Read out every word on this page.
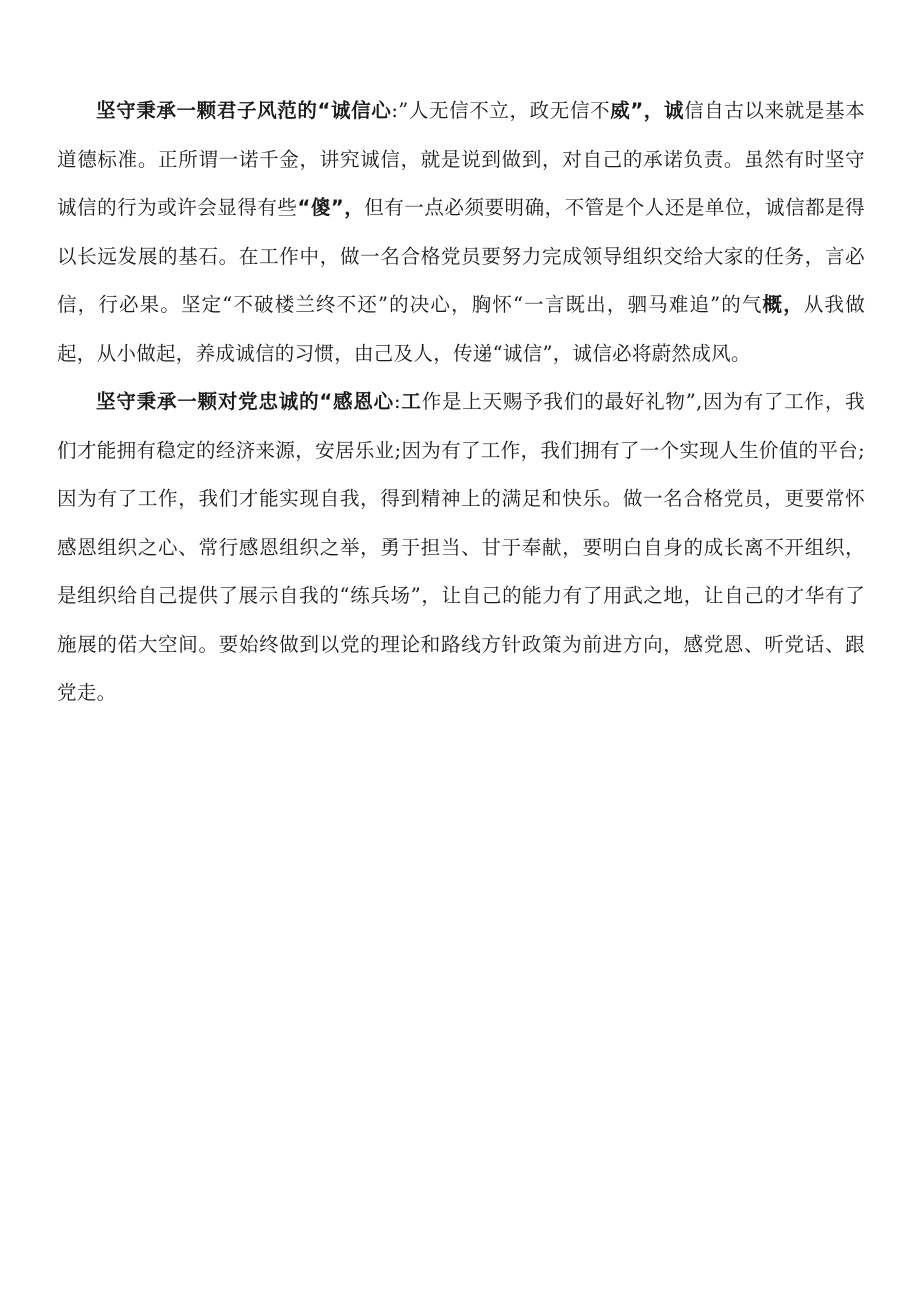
坚守秉承一颗君子风范的“诚信心:”人无信不立，政无信不威”，诚信自古以来就是基本道德标准。正所谓一诺千金，讲究诚信，就是说到做到，对自己的承诺负责。虽然有时坚守诚信的行为或许会显得有些“傻”，但有一点必须要明确，不管是个人还是单位，诚信都是得以长远发展的基石。在工作中，做一名合格党员要努力完成领导组织交给大家的任务，言必信，行必果。坚定“不破楼兰终不还”的决心，胸怀“一言既出，驷马难追”的气概，从我做起，从小做起，养成诚信的习惯，由己及人，传递“诚信”，诚信必将蔚然成风。

坚守秉承一颗对党忠诚的“感恩心:工作是上天赐予我们的最好礼物”,因为有了工作，我们才能拥有稳定的经济来源，安居乐业;因为有了工作，我们拥有了一个实现人生价值的平台;因为有了工作，我们才能实现自我，得到精神上的满足和快乐。做一名合格党员，更要常怀感恩组织之心、常行感恩组织之举，勇于担当、甘于奉献，要明白自身的成长离不开组织，是组织给自己提供了展示自我的“练兵场”，让自己的能力有了用武之地，让自己的才华有了施展的偌大空间。要始终做到以党的理论和路线方针政策为前进方向，感党恩、听党话、跟党走。
